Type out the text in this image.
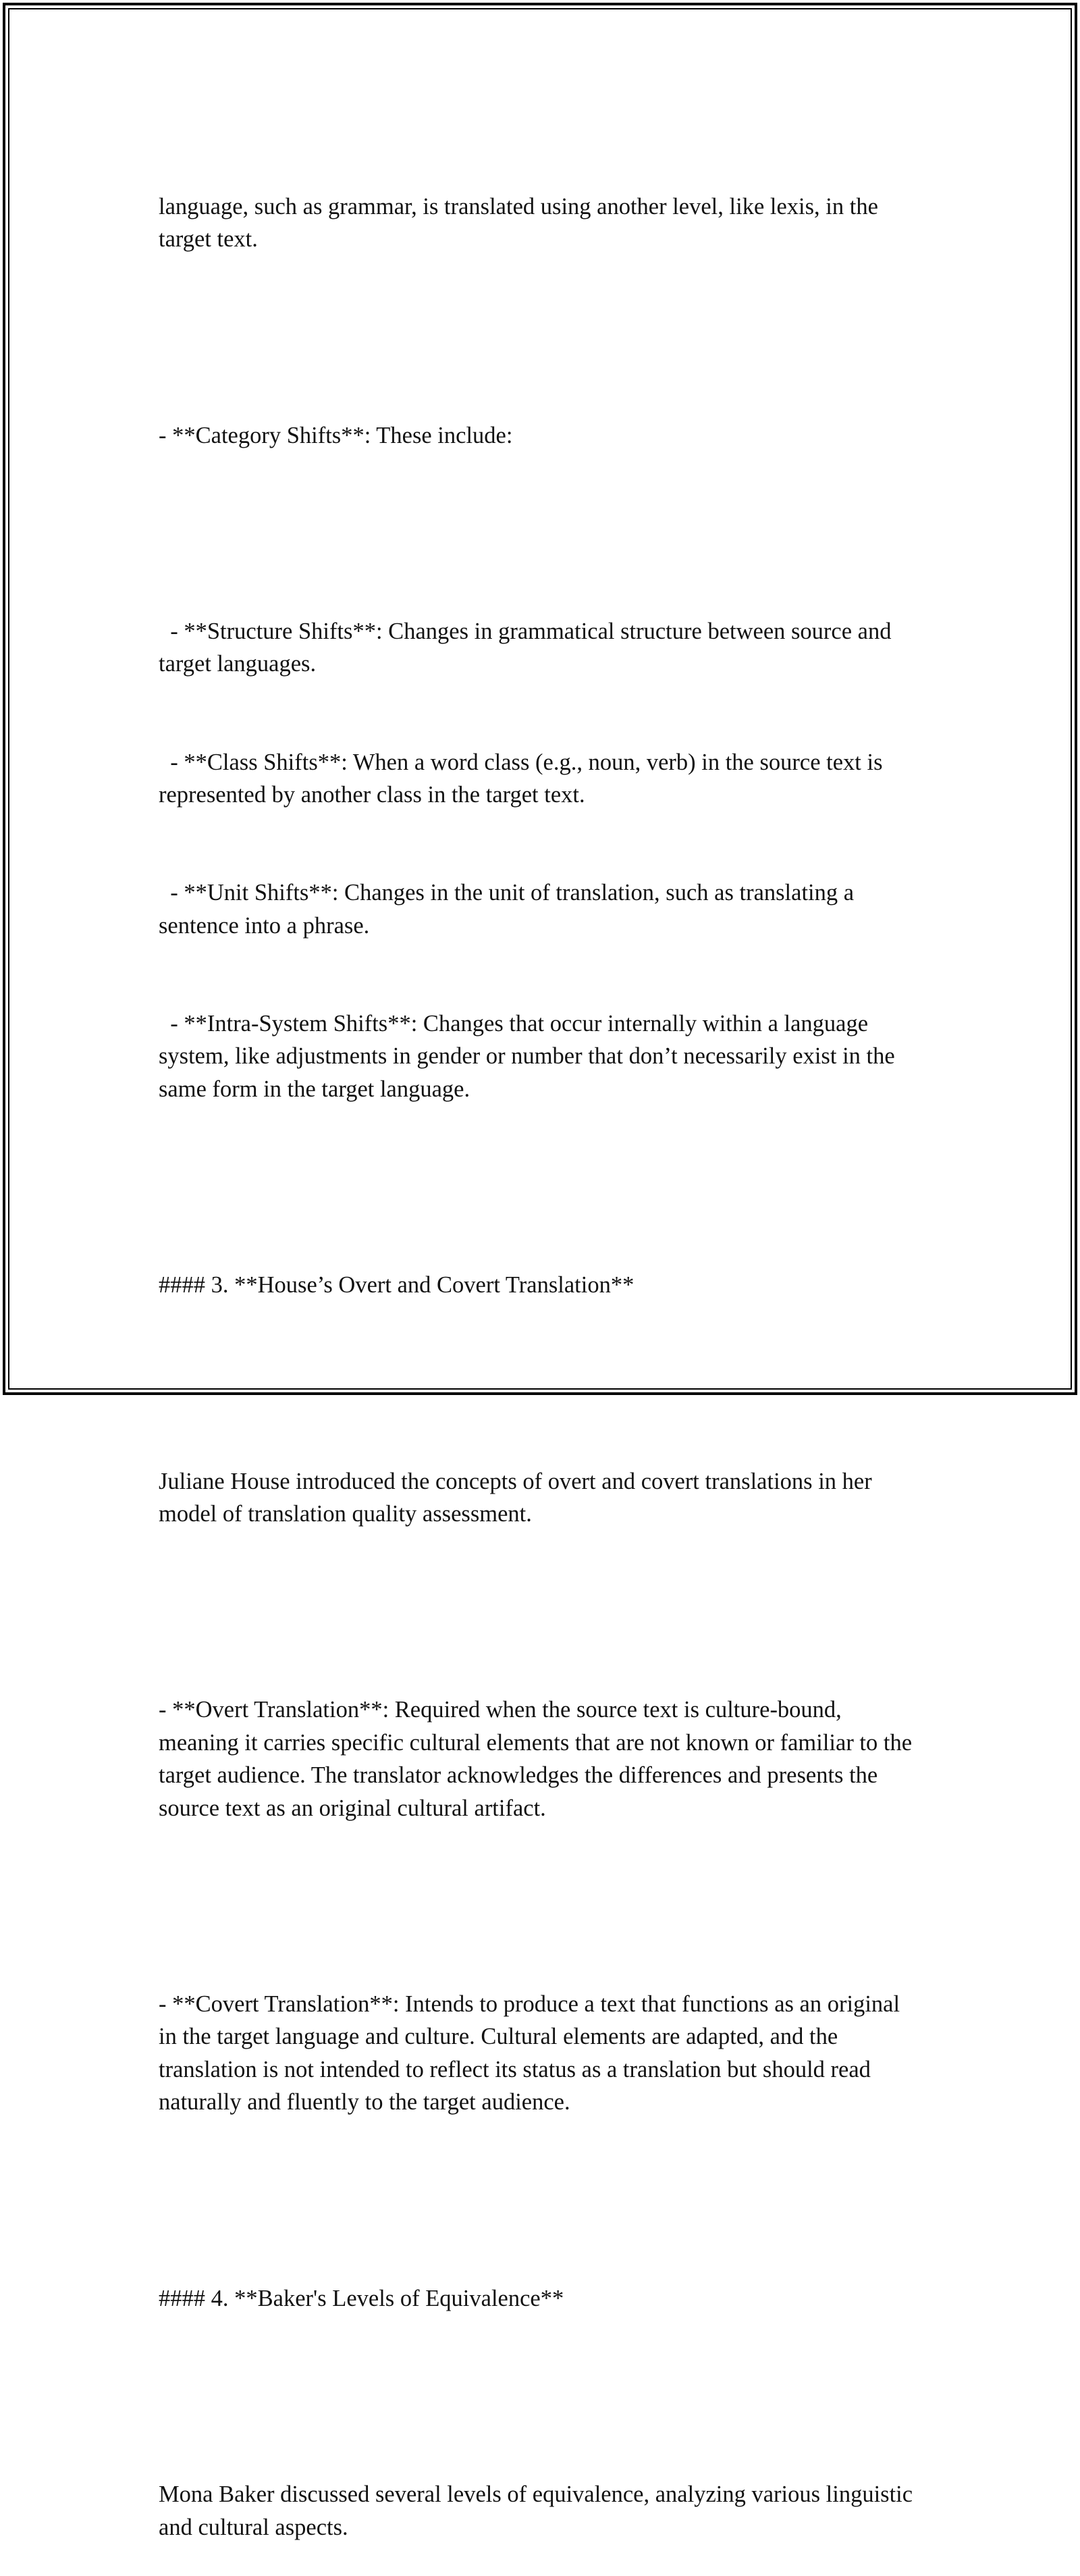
language, such as grammar, is translated using another level, like lexis, in the target text.

- **Category Shifts**: These include:

- **Structure Shifts**: Changes in grammatical structure between source and target languages.

- **Class Shifts**: When a word class (e.g., noun, verb) in the source text is represented by another class in the target text.

- **Unit Shifts**: Changes in the unit of translation, such as translating a sentence into a phrase.

- **Intra-System Shifts**: Changes that occur internally within a language system, like adjustments in gender or number that don’t necessarily exist in the same form in the target language.

#### 3. **House’s Overt and Covert Translation**

Juliane House introduced the concepts of overt and covert translations in her model of translation quality assessment.

- **Overt Translation**: Required when the source text is culture-bound, meaning it carries specific cultural elements that are not known or familiar to the target audience. The translator acknowledges the differences and presents the source text as an original cultural artifact.

- **Covert Translation**: Intends to produce a text that functions as an original in the target language and culture. Cultural elements are adapted, and the translation is not intended to reflect its status as a translation but should read naturally and fluently to the target audience.

#### 4. **Baker's Levels of Equivalence**

Mona Baker discussed several levels of equivalence, analyzing various linguistic and cultural aspects.
